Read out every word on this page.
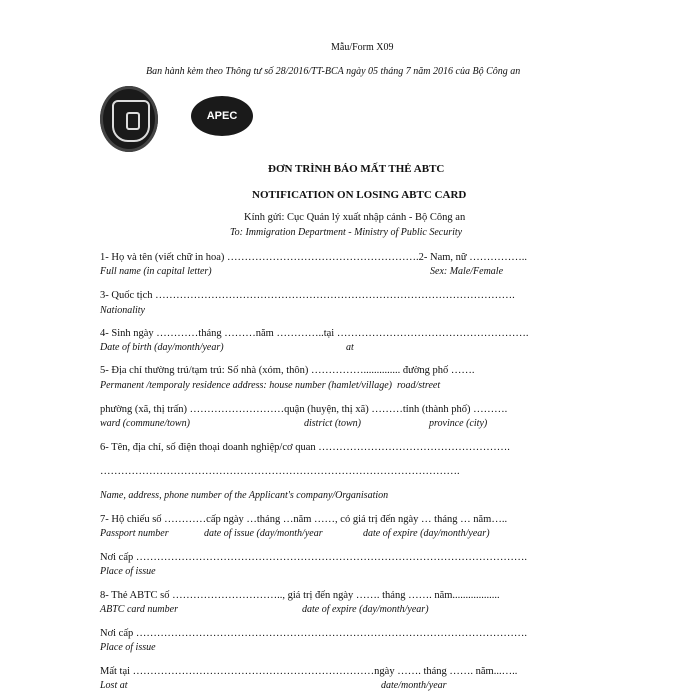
Mẫu/Form X09
Ban hành kèm theo Thông tư số 28/2016/TT-BCA ngày 05 tháng 7 năm 2016 của Bộ Công an
APEC
ĐƠN TRÌNH BÁO MẤT THẺ ABTC
NOTIFICATION ON LOSING ABTC CARD
Kính gửi: Cục Quản lý xuất nhập cảnh - Bộ Công an
To: Immigration Department - Ministry of Public Security
1- Họ và tên (viết chữ in hoa) ……………………………………………….2- Nam, nữ ……………..
Full name (in capital letter)	Sex: Male/Female
3- Quốc tịch ………………………………………………………………………………………….
Nationality
4- Sinh ngày …………tháng ………năm …………..tại ……………………………………………….
Date of birth (day/month/year)	at
5- Địa chỉ thường trú/tạm trú: Số nhà (xóm, thôn) …………….............. đường phố …….
Permanent /temporaly residence address: house number (hamlet/village)  road/street
phường (xã, thị trấn) ………………………quận (huyện, thị xã) ………tỉnh (thành phố) ……….
ward (commune/town)	district (town)	province (city)
6- Tên, địa chỉ, số điện thoại doanh nghiệp/cơ quan ……………………………………………….
………………………………………………………………………………………….
Name, address, phone number of the Applicant's company/Organisation
7- Hộ chiếu số …………cấp ngày …tháng …năm ……, có giá trị đến ngày … tháng … năm…..
Passport number	date of issue (day/month/year	date of expire (day/month/year)
Nơi cấp ………………………………………………………………………………………………….
Place of issue
8- Thẻ ABTC số ………………………….., giá trị đến ngày ……. tháng ……. năm..................
ABTC card number	date of expire (day/month/year)
Nơi cấp ………………………………………………………………………………………………….
Place of issue
Mất tại ……………………………………………………………ngày ……. tháng ……. năm...…..
Lost at	date/month/year
